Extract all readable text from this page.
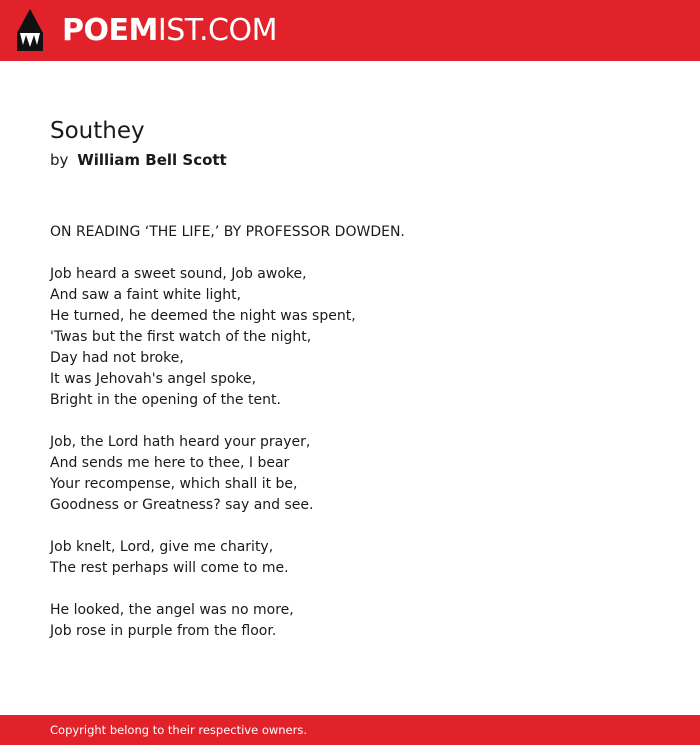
POEMIST.COM
Southey
by William Bell Scott
ON READING ‘THE LIFE,’ BY PROFESSOR DOWDEN.
Job heard a sweet sound, Job awoke,
And saw a faint white light,
He turned, he deemed the night was spent,
'Twas but the first watch of the night,
Day had not broke,
It was Jehovah's angel spoke,
Bright in the opening of the tent.
Job, the Lord hath heard your prayer,
And sends me here to thee, I bear
Your recompense, which shall it be,
Goodness or Greatness? say and see.
Job knelt, Lord, give me charity,
The rest perhaps will come to me.
He looked, the angel was no more,
Job rose in purple from the floor.
Copyright belong to their respective owners.
